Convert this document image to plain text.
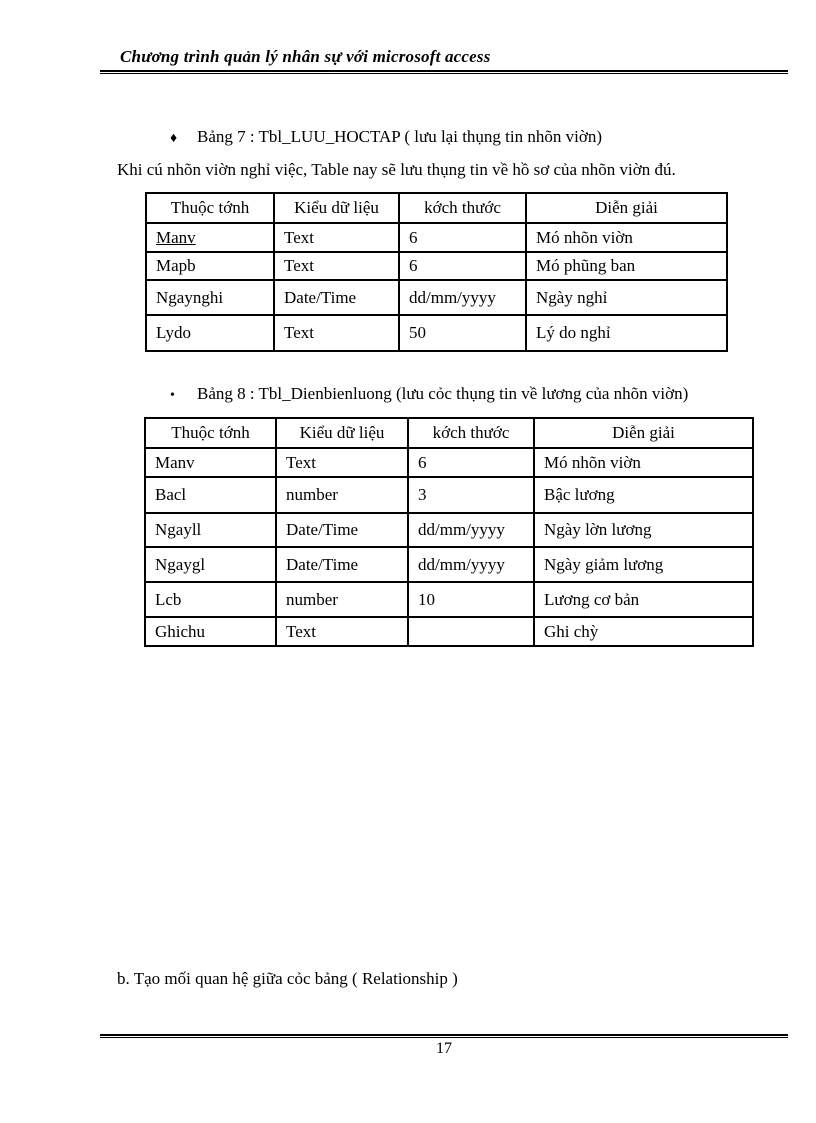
Chương trình quản lý nhân sự với microsoft access
♦ Bảng 7 : Tbl_LUU_HOCTAP ( lưu lại thụng tin nhõn viờn)
Khi cú nhõn viờn nghỉ việc, Table nay sẽ lưu thụng tin về hồ sơ của nhõn viờn đú.
Thuộc tớnh	Kiểu dữ liệu	kớch thước	Diễn giải
Manv	Text	6	Mó nhõn viờn
Mapb	Text	6	Mó phũng ban
Ngaynghi	Date/Time	dd/mm/yyyy	Ngày nghỉ
Lydo	Text	50	Lý do nghỉ
• Bảng 8 : Tbl_Dienbienluong (lưu cỏc thụng tin về lương của nhõn viờn)
Thuộc tớnh	Kiểu dữ liệu	kớch thước	Diễn giải
Manv	Text	6	Mó nhõn viờn
Bacl	number	3	Bậc lương
Ngayll	Date/Time	dd/mm/yyyy	Ngày lờn lương
Ngaygl	Date/Time	dd/mm/yyyy	Ngày giảm lương
Lcb	number	10	Lương cơ bản
Ghichu	Text		Ghi chỳ
b. Tạo mối quan hệ giữa cỏc bảng ( Relationship )
17
